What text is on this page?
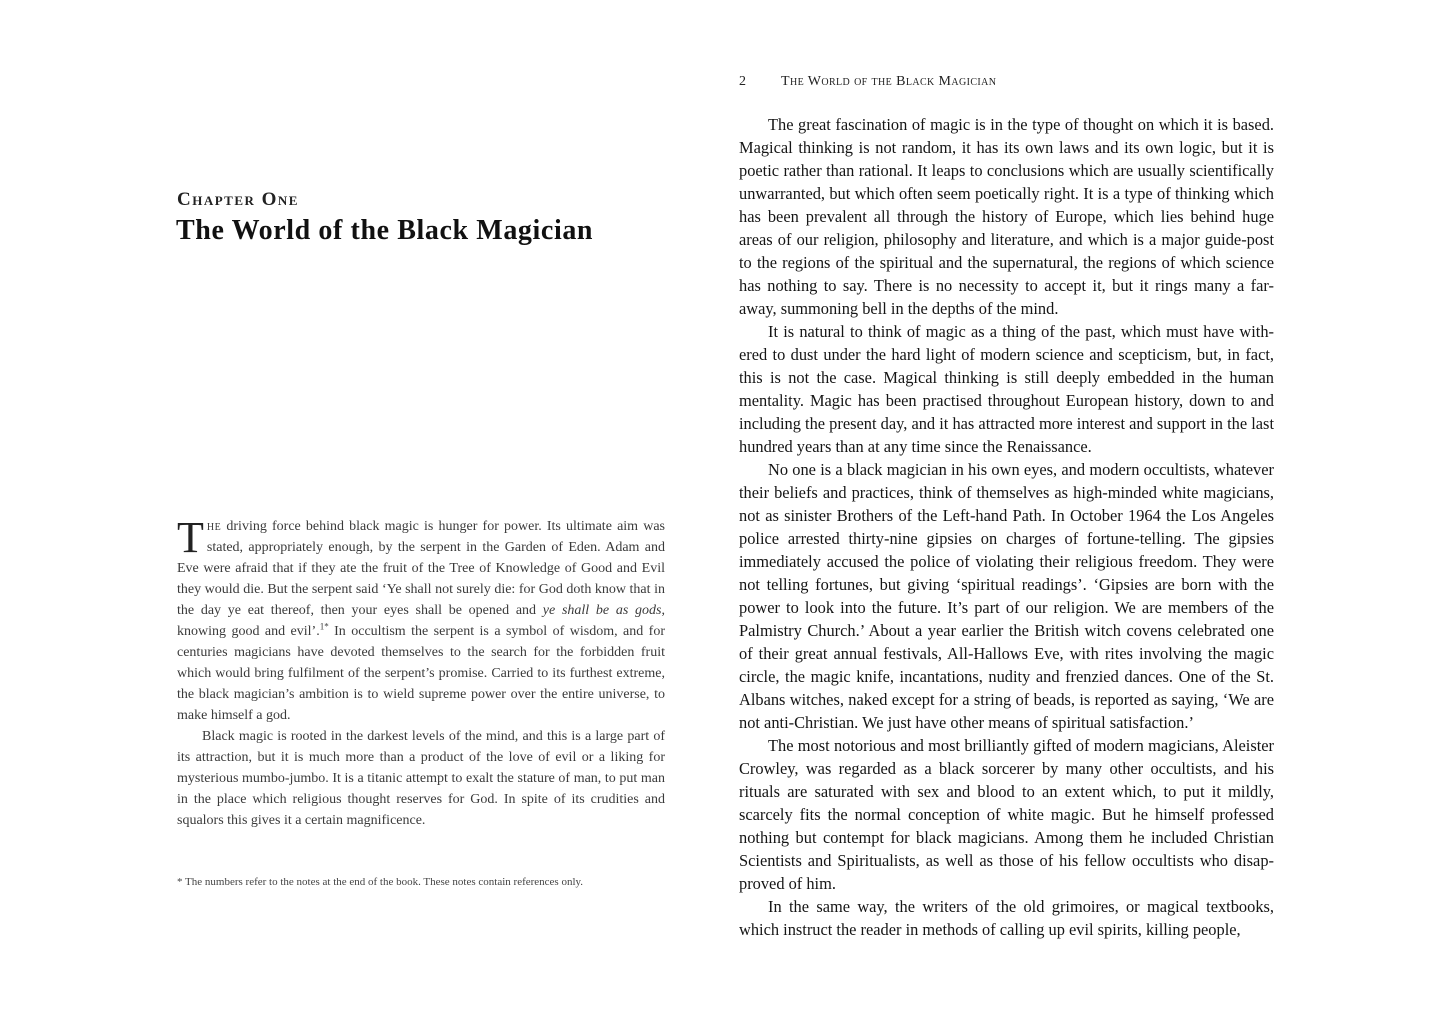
Chapter One
The World of the Black Magician

The driving force behind black magic is hunger for power. Its ultimate aim was stated, appropriately enough, by the serpent in the Garden of Eden. Adam and Eve were afraid that if they ate the fruit of the Tree of Knowledge of Good and Evil they would die. But the serpent said ‘Ye shall not surely die: for God doth know that in the day ye eat thereof, then your eyes shall be opened and ye shall be as gods, knowing good and evil’.$^{1*}$ In occultism the serpent is a symbol of wisdom, and for centuries magicians have devoted themselves to the search for the forbidden fruit which would bring fulfilment of the serpent’s promise. Carried to its furthest extreme, the black magician’s ambition is to wield supreme power over the entire universe, to make himself a god.

Black magic is rooted in the darkest levels of the mind, and this is a large part of its attraction, but it is much more than a product of the love of evil or a liking for mysterious mumbo-jumbo. It is a titanic attempt to exalt the stature of man, to put man in the place which religious thought reserves for God. In spite of its crudities and squalors this gives it a certain magnificence.

* The numbers refer to the notes at the end of the book. These notes contain references only.
2	The World of the Black Magician

The great fascination of magic is in the type of thought on which it is based. Magical thinking is not random, it has its own laws and its own logic, but it is poetic rather than rational. It leaps to conclusions which are usually scientifically unwarranted, but which often seem poetically right. It is a type of thinking which has been prevalent all through the history of Europe, which lies behind huge areas of our religion, philosophy and literature, and which is a major guide-post to the regions of the spiritual and the supernatural, the regions of which science has nothing to say. There is no necessity to accept it, but it rings many a far-away, summoning bell in the depths of the mind.

It is natural to think of magic as a thing of the past, which must have withered to dust under the hard light of modern science and scepticism, but, in fact, this is not the case. Magical thinking is still deeply embedded in the human mentality. Magic has been practised throughout European history, down to and including the present day, and it has attracted more interest and support in the last hundred years than at any time since the Renaissance.

No one is a black magician in his own eyes, and modern occultists, whatever their beliefs and practices, think of themselves as high-minded white magicians, not as sinister Brothers of the Left-hand Path. In October 1964 the Los Angeles police arrested thirty-nine gipsies on charges of fortune-telling. The gipsies immediately accused the police of violating their religious freedom. They were not telling fortunes, but giving ‘spiritual readings’. ‘Gipsies are born with the power to look into the future. It’s part of our religion. We are members of the Palmistry Church.’ About a year earlier the British witch covens celebrated one of their great annual festivals, All-Hallows Eve, with rites involving the magic circle, the magic knife, incantations, nudity and frenzied dances. One of the St. Albans witches, naked except for a string of beads, is reported as saying, ‘We are not anti-Christian. We just have other means of spiritual satisfaction.’

The most notorious and most brilliantly gifted of modern magicians, Aleister Crowley, was regarded as a black sorcerer by many other occultists, and his rituals are saturated with sex and blood to an extent which, to put it mildly, scarcely fits the normal conception of white magic. But he himself professed nothing but contempt for black magicians. Among them he included Christian Scientists and Spiritualists, as well as those of his fellow occultists who disapproved of him.

In the same way, the writers of the old grimoires, or magical textbooks, which instruct the reader in methods of calling up evil spirits, killing people,
